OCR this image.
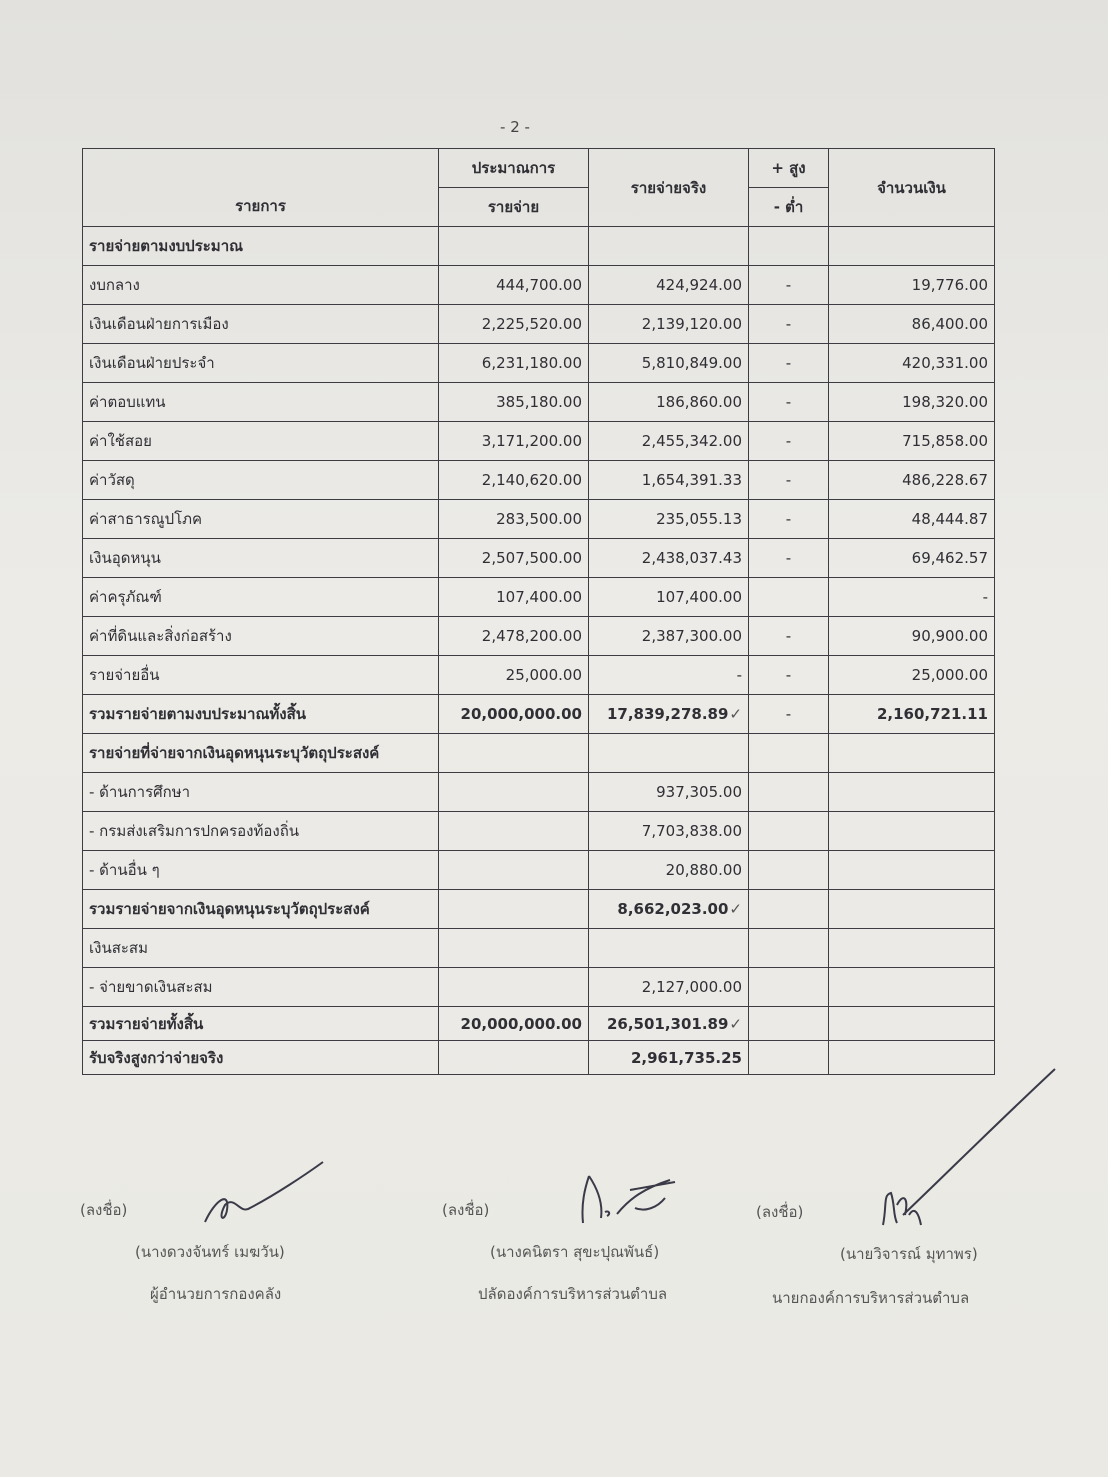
- 2 -
รายการ	ประมาณการ	รายจ่ายจริง	+ สูง	จำนวนเงิน
	รายจ่าย		- ต่ำ	
รายจ่ายตามงบประมาณ				
งบกลาง	444,700.00	424,924.00	-	19,776.00
เงินเดือนฝ่ายการเมือง	2,225,520.00	2,139,120.00	-	86,400.00
เงินเดือนฝ่ายประจำ	6,231,180.00	5,810,849.00	-	420,331.00
ค่าตอบแทน	385,180.00	186,860.00	-	198,320.00
ค่าใช้สอย	3,171,200.00	2,455,342.00	-	715,858.00
ค่าวัสดุ	2,140,620.00	1,654,391.33	-	486,228.67
ค่าสาธารณูปโภค	283,500.00	235,055.13	-	48,444.87
เงินอุดหนุน	2,507,500.00	2,438,037.43	-	69,462.57
ค่าครุภัณฑ์	107,400.00	107,400.00		-
ค่าที่ดินและสิ่งก่อสร้าง	2,478,200.00	2,387,300.00	-	90,900.00
รายจ่ายอื่น	25,000.00	-	-	25,000.00
รวมรายจ่ายตามงบประมาณทั้งสิ้น	20,000,000.00	17,839,278.89✓	-	2,160,721.11
รายจ่ายที่จ่ายจากเงินอุดหนุนระบุวัตถุประสงค์				
- ด้านการศึกษา		937,305.00		
- กรมส่งเสริมการปกครองท้องถิ่น		7,703,838.00		
- ด้านอื่น ๆ		20,880.00		
รวมรายจ่ายจากเงินอุดหนุนระบุวัตถุประสงค์		8,662,023.00✓		
เงินสะสม				
- จ่ายขาดเงินสะสม		2,127,000.00		
รวมรายจ่ายทั้งสิ้น	20,000,000.00	26,501,301.89✓		
รับจริงสูงกว่าจ่ายจริง		2,961,735.25		
(ลงชื่อ)
(นางดวงจันทร์ เมฆวัน)
ผู้อำนวยการกองคลัง
(ลงชื่อ)
(นางคนิตรา สุขะปุณพันธ์)
ปลัดองค์การบริหารส่วนตำบล
(ลงชื่อ)
(นายวิจารณ์ มุทาพร)
นายกองค์การบริหารส่วนตำบล
